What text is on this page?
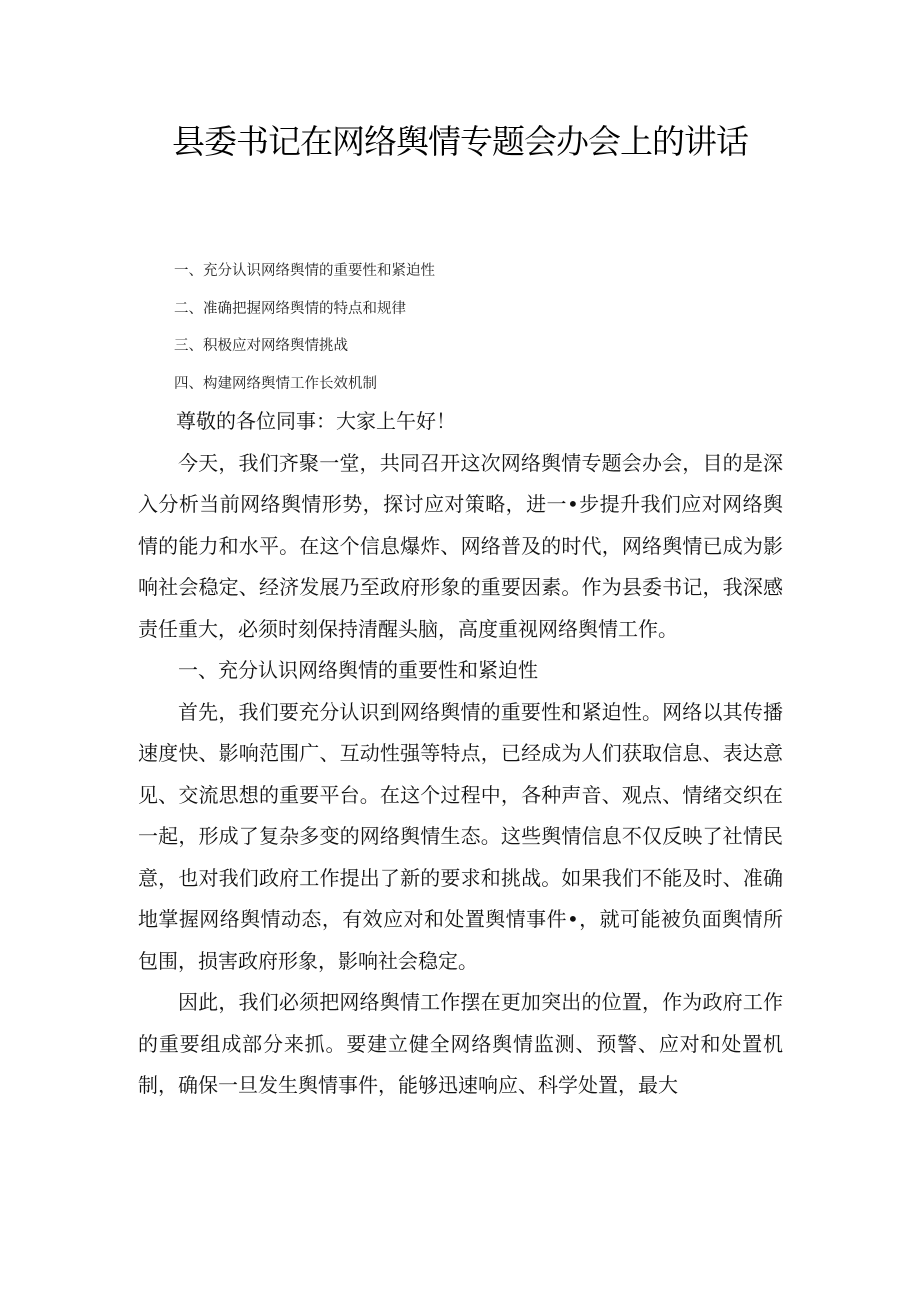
县委书记在网络舆情专题会办会上的讲话
一、充分认识网络舆情的重要性和紧迫性
二、准确把握网络舆情的特点和规律
三、积极应对网络舆情挑战
四、构建网络舆情工作长效机制

尊敬的各位同事：大家上午好！

今天，我们齐聚一堂，共同召开这次网络舆情专题会办会，目的是深入分析当前网络舆情形势，探讨应对策略，进一•步提升我们应对网络舆情的能力和水平。在这个信息爆炸、网络普及的时代，网络舆情已成为影响社会稳定、经济发展乃至政府形象的重要因素。作为县委书记，我深感责任重大，必须时刻保持清醒头脑，高度重视网络舆情工作。

一、充分认识网络舆情的重要性和紧迫性

首先，我们要充分认识到网络舆情的重要性和紧迫性。网络以其传播速度快、影响范围广、互动性强等特点，已经成为人们获取信息、表达意见、交流思想的重要平台。在这个过程中，各种声音、观点、情绪交织在一起，形成了复杂多变的网络舆情生态。这些舆情信息不仅反映了社情民意，也对我们政府工作提出了新的要求和挑战。如果我们不能及时、准确地掌握网络舆情动态，有效应对和处置舆情事件•，就可能被负面舆情所包围，损害政府形象，影响社会稳定。

因此，我们必须把网络舆情工作摆在更加突出的位置，作为政府工作的重要组成部分来抓。要建立健全网络舆情监测、预警、应对和处置机制，确保一旦发生舆情事件，能够迅速响应、科学处置，最大
